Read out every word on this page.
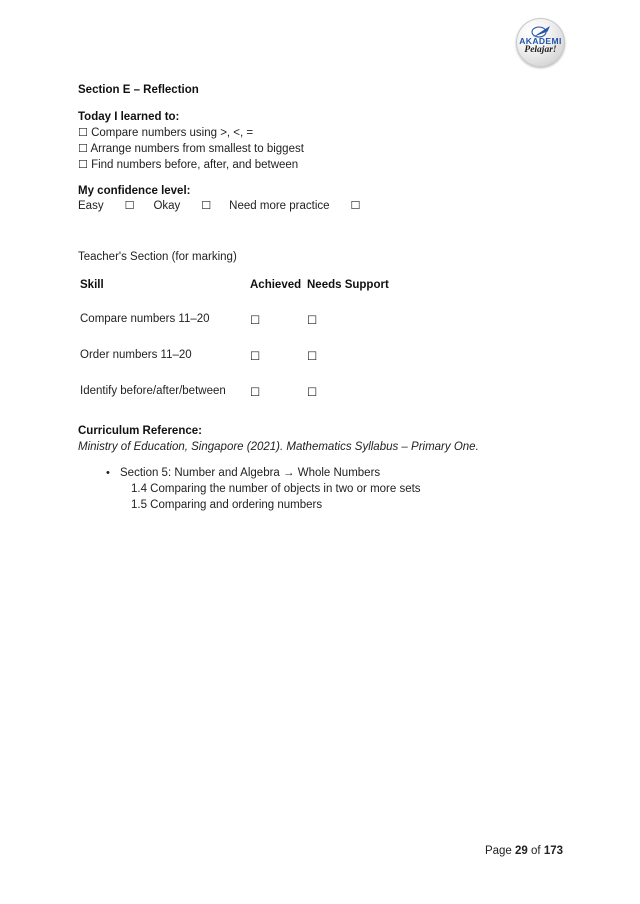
AKADEMI
Pelajar!
Section E – Reflection
Today I learned to:
☐ Compare numbers using >, <, =
☐ Arrange numbers from smallest to biggest
☐ Find numbers before, after, and between
My confidence level:
Easy ☐ Okay ☐ Need more practice ☐
Teacher's Section (for marking)
Skill	Achieved	Needs Support
Compare numbers 11–20	☐	☐
Order numbers 11–20	☐	☐
Identify before/after/between	☐	☐
Curriculum Reference:
Ministry of Education, Singapore (2021). Mathematics Syllabus – Primary One.
• Section 5: Number and Algebra → Whole Numbers
1.4 Comparing the number of objects in two or more sets
1.5 Comparing and ordering numbers
Page 29 of 173
